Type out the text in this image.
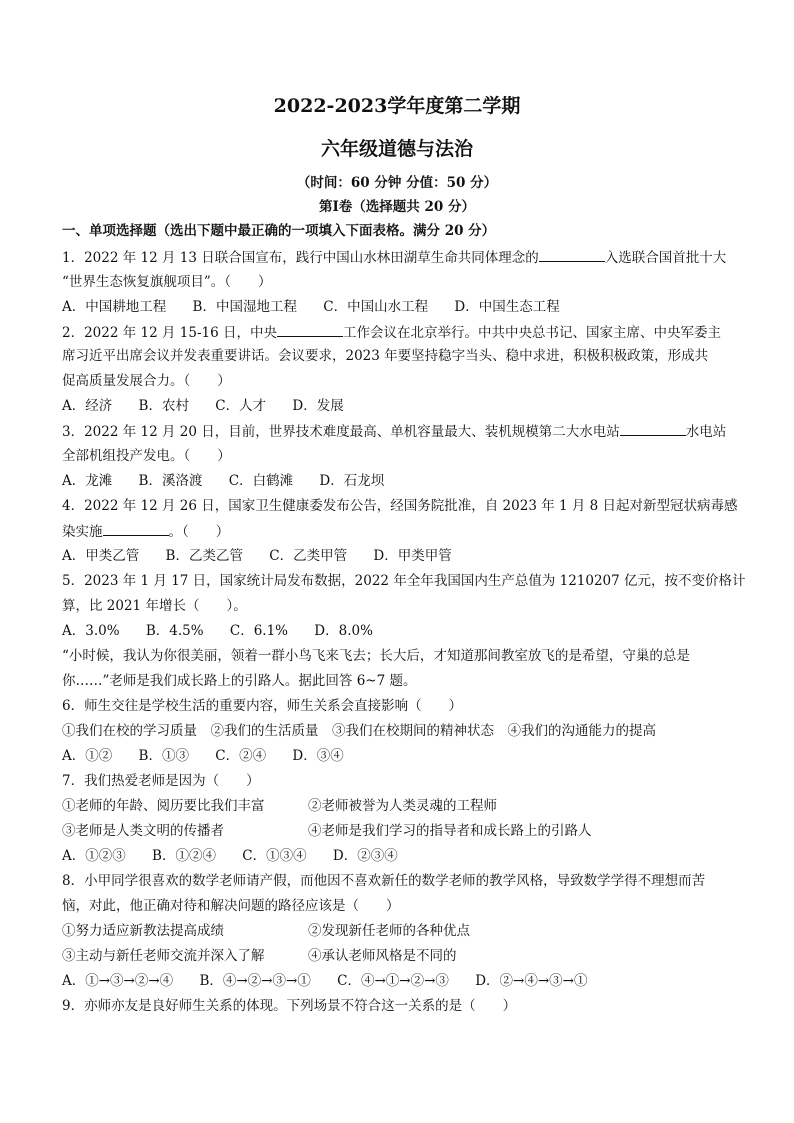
2022-2023学年度第二学期
六年级道德与法治
（时间：60 分钟 分值：50 分）
第Ⅰ卷（选择题共 20 分）
一、单项选择题（选出下题中最正确的一项填入下面表格。满分 20 分）
1．2022 年 12 月 13 日联合国宣布，践行中国山水林田湖草生命共同体理念的	入选联合国首批十大
“世界生态恢复旗舰项目”。（　　）
A．中国耕地工程 B．中国湿地工程 C．中国山水工程 D．中国生态工程
2．2022 年 12 月 15-16 日，中央	工作会议在北京举行。中共中央总书记、国家主席、中央军委主
席习近平出席会议并发表重要讲话。会议要求，2023 年要坚持稳字当头、稳中求进，积极积极政策，形成共
促高质量发展合力。（　　）
A．经济 B．农村 C．人才 D．发展
3．2022 年 12 月 20 日，目前，世界技术难度最高、单机容量最大、装机规模第二大水电站	水电站
全部机组投产发电。（　　）
A．龙滩 B．溪洛渡 C．白鹤滩 D．石龙坝
4．2022 年 12 月 26 日，国家卫生健康委发布公告，经国务院批准，自 2023 年 1 月 8 日起对新型冠状病毒感
染实施	。（　　）
A．甲类乙管 B．乙类乙管 C．乙类甲管 D．甲类甲管
5．2023 年 1 月 17 日，国家统计局发布数据，2022 年全年我国国内生产总值为 1210207 亿元，按不变价格计
算，比 2021 年增长（　　）。
A．3.0% B．4.5% C．6.1% D．8.0%
“小时候，我认为你很美丽，领着一群小鸟飞来飞去；长大后，才知道那间教室放飞的是希望，守巢的总是
你……”老师是我们成长路上的引路人。据此回答 6~7 题。
6．师生交往是学校生活的重要内容，师生关系会直接影响（　　）
①我们在校的学习质量　②我们的生活质量　③我们在校期间的精神状态　④我们的沟通能力的提高
A．①② B．①③ C．②④ D．③④
7．我们热爱老师是因为（　　）
①老师的年龄、阅历要比我们丰富	②老师被誉为人类灵魂的工程师
③老师是人类文明的传播者	④老师是我们学习的指导者和成长路上的引路人
A．①②③ B．①②④ C．①③④ D．②③④
8．小甲同学很喜欢的数学老师请产假，而他因不喜欢新任的数学老师的教学风格，导致数学学得不理想而苦
恼，对此，他正确对待和解决问题的路径应该是（　　）
①努力适应新教法提高成绩	②发现新任老师的各种优点
③主动与新任老师交流并深入了解	④承认老师风格是不同的
A．①→③→②→④ B．④→②→③→① C．④→①→②→③ D．②→④→③→①
9．亦师亦友是良好师生关系的体现。下列场景不符合这一关系的是（　　）
